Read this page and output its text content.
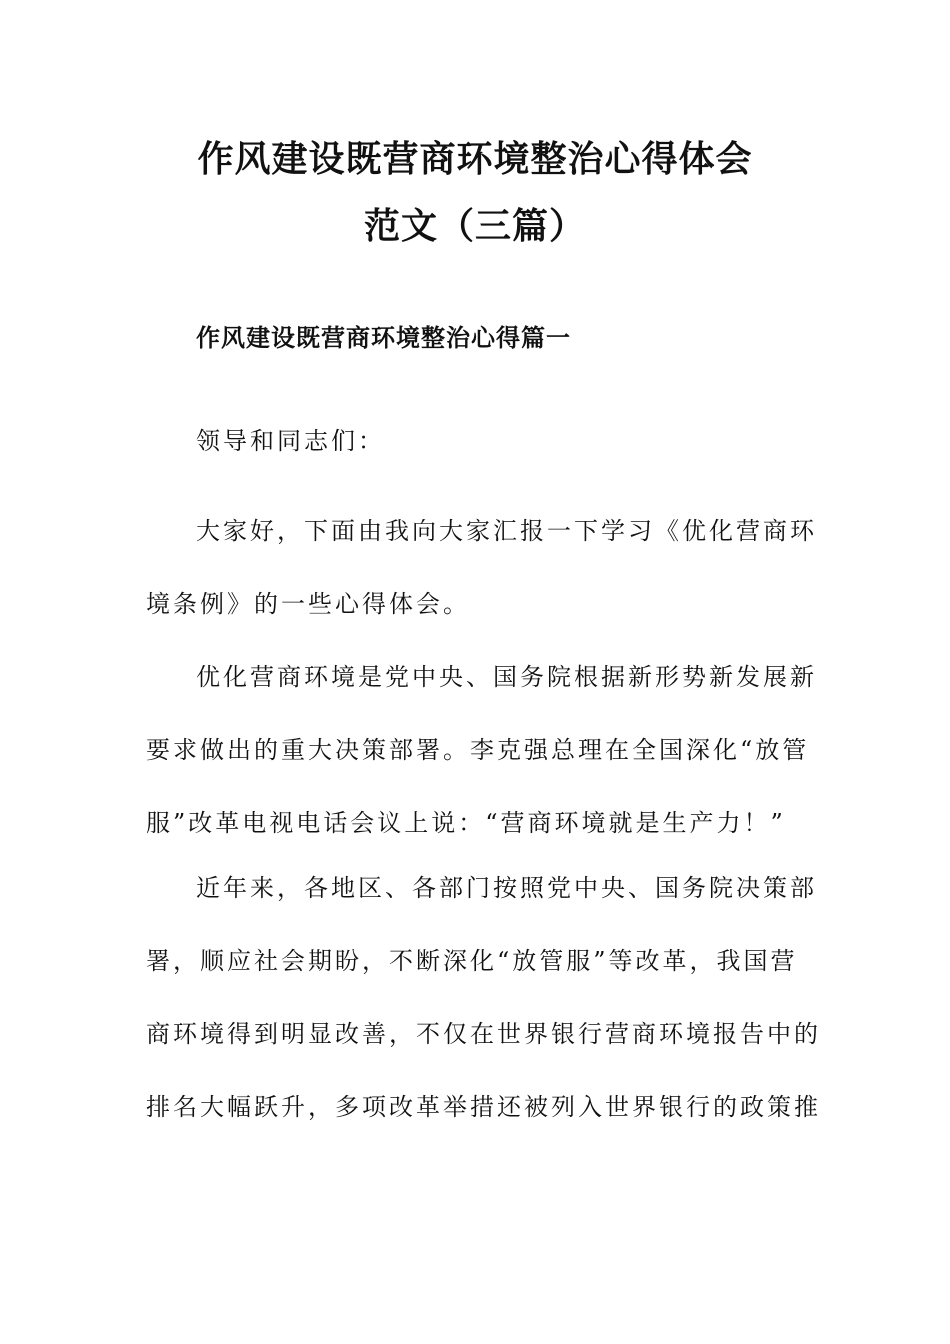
作风建设既营商环境整治心得体会
范文（三篇）
作风建设既营商环境整治心得篇一
领导和同志们：
大家好，下面由我向大家汇报一下学习《优化营商环
境条例》的一些心得体会。
优化营商环境是党中央、国务院根据新形势新发展新
要求做出的重大决策部署。李克强总理在全国深化“放管
服”改革电视电话会议上说：“营商环境就是生产力！”
近年来，各地区、各部门按照党中央、国务院决策部
署，顺应社会期盼，不断深化“放管服”等改革，我国营
商环境得到明显改善，不仅在世界银行营商环境报告中的
排名大幅跃升，多项改革举措还被列入世界银行的政策推
